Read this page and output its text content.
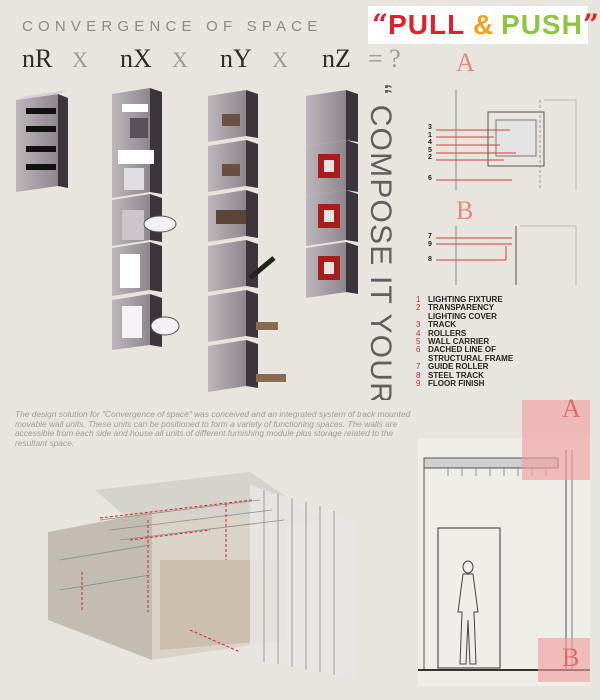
CONVERGENCE OF SPACE “PULL & PUSH”
nR X nX X nY X nZ = ?
“ COMPOSE IT YOURSELF ”
A
B
A
B
3
1
4
5
2
6
7
9
8
1 LIGHTING FIXTURE
2 TRANSPARENCY
LIGHTING COVER
3 TRACK
4 ROLLERS
5 WALL CARRIER
6 DACHED LINE OF
STRUCTURAL FRAME
7 GUIDE ROLLER
8 STEEL TRACK
9 FLOOR FINISH
The design solution for "Convergence of space" was conceived and an integrated system of track mounted movable wall units. These units can be positioned to form a variety of functioning spaces. The walls are accessible from each side and house all units of different furnishing module plus storage related to the resultant space.
